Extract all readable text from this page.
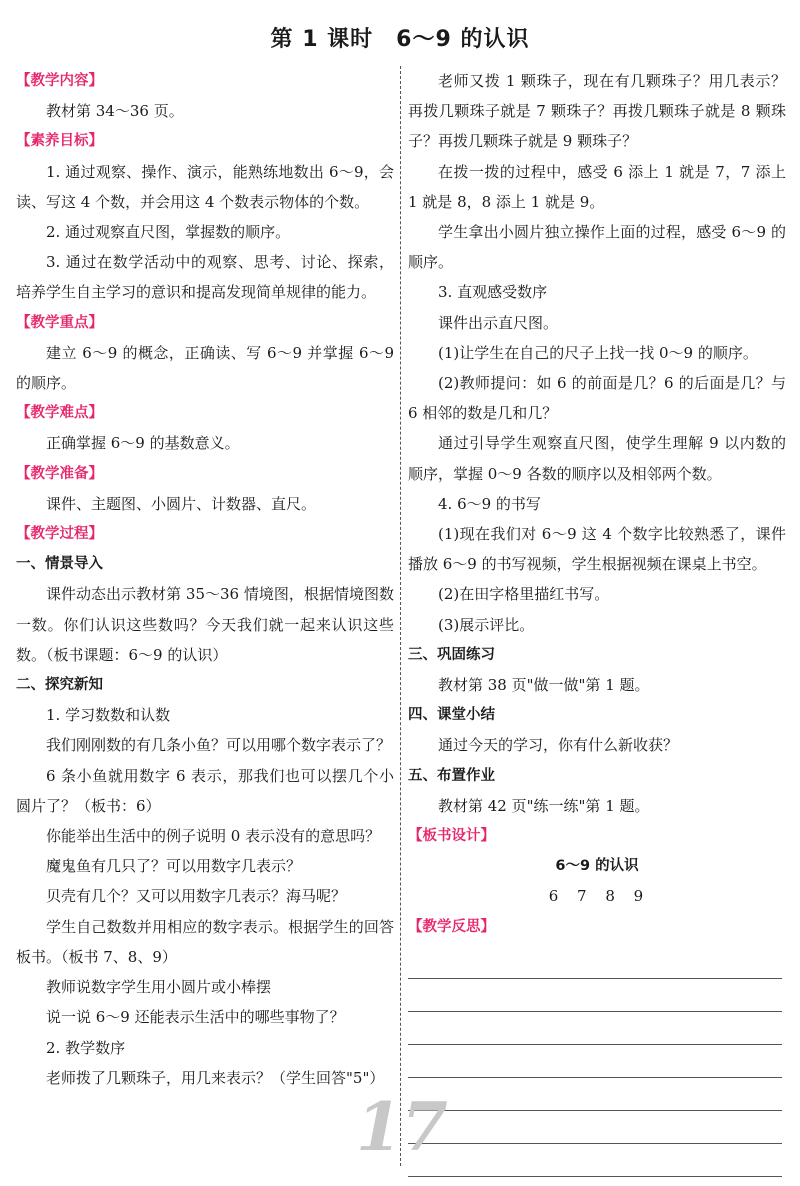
第 1 课时　6～9 的认识
【教学内容】
教材第 34～36 页。
【素养目标】
1. 通过观察、操作、演示，能熟练地数出 6～9，会读、写这 4 个数，并会用这 4 个数表示物体的个数。
2. 通过观察直尺图，掌握数的顺序。
3. 通过在数学活动中的观察、思考、讨论、探索，培养学生自主学习的意识和提高发现简单规律的能力。
【教学重点】
建立 6～9 的概念，正确读、写 6～9 并掌握 6～9 的顺序。
【教学难点】
正确掌握 6～9 的基数意义。
【教学准备】
课件、主题图、小圆片、计数器、直尺。
【教学过程】
一、情景导入
课件动态出示教材第 35～36 情境图，根据情境图数一数。你们认识这些数吗？今天我们就一起来认识这些数。（板书课题：6～9 的认识）
二、探究新知
1. 学习数数和认数
我们刚刚数的有几条小鱼？可以用哪个数字表示了？
6 条小鱼就用数字 6 表示，那我们也可以摆几个小圆片了？（板书：6）
你能举出生活中的例子说明 0 表示没有的意思吗？
魔鬼鱼有几只了？可以用数字几表示？
贝壳有几个？又可以用数字几表示？海马呢？
学生自己数数并用相应的数字表示。根据学生的回答板书。（板书 7、8、9）
教师说数字学生用小圆片或小棒摆
说一说 6～9 还能表示生活中的哪些事物了？
2. 教学数序
老师拨了几颗珠子，用几来表示？（学生回答"5"）
老师又拨 1 颗珠子，现在有几颗珠子？用几表示？再拨几颗珠子就是 7 颗珠子？再拨几颗珠子就是 8 颗珠子？再拨几颗珠子就是 9 颗珠子？
在拨一拨的过程中，感受 6 添上 1 就是 7，7 添上 1 就是 8，8 添上 1 就是 9。
学生拿出小圆片独立操作上面的过程，感受 6～9 的顺序。
3. 直观感受数序
课件出示直尺图。
(1)让学生在自己的尺子上找一找 0～9 的顺序。
(2)教师提问：如 6 的前面是几？6 的后面是几？与 6 相邻的数是几和几？
通过引导学生观察直尺图，使学生理解 9 以内数的顺序，掌握 0～9 各数的顺序以及相邻两个数。
4. 6～9 的书写
(1)现在我们对 6～9 这 4 个数字比较熟悉了，课件播放 6～9 的书写视频，学生根据视频在课桌上书空。
(2)在田字格里描红书写。
(3)展示评比。
三、巩固练习
教材第 38 页"做一做"第 1 题。
四、课堂小结
通过今天的学习，你有什么新收获？
五、布置作业
教材第 42 页"练一练"第 1 题。
【板书设计】
6～9 的认识
6 7 8 9
【教学反思】
17
